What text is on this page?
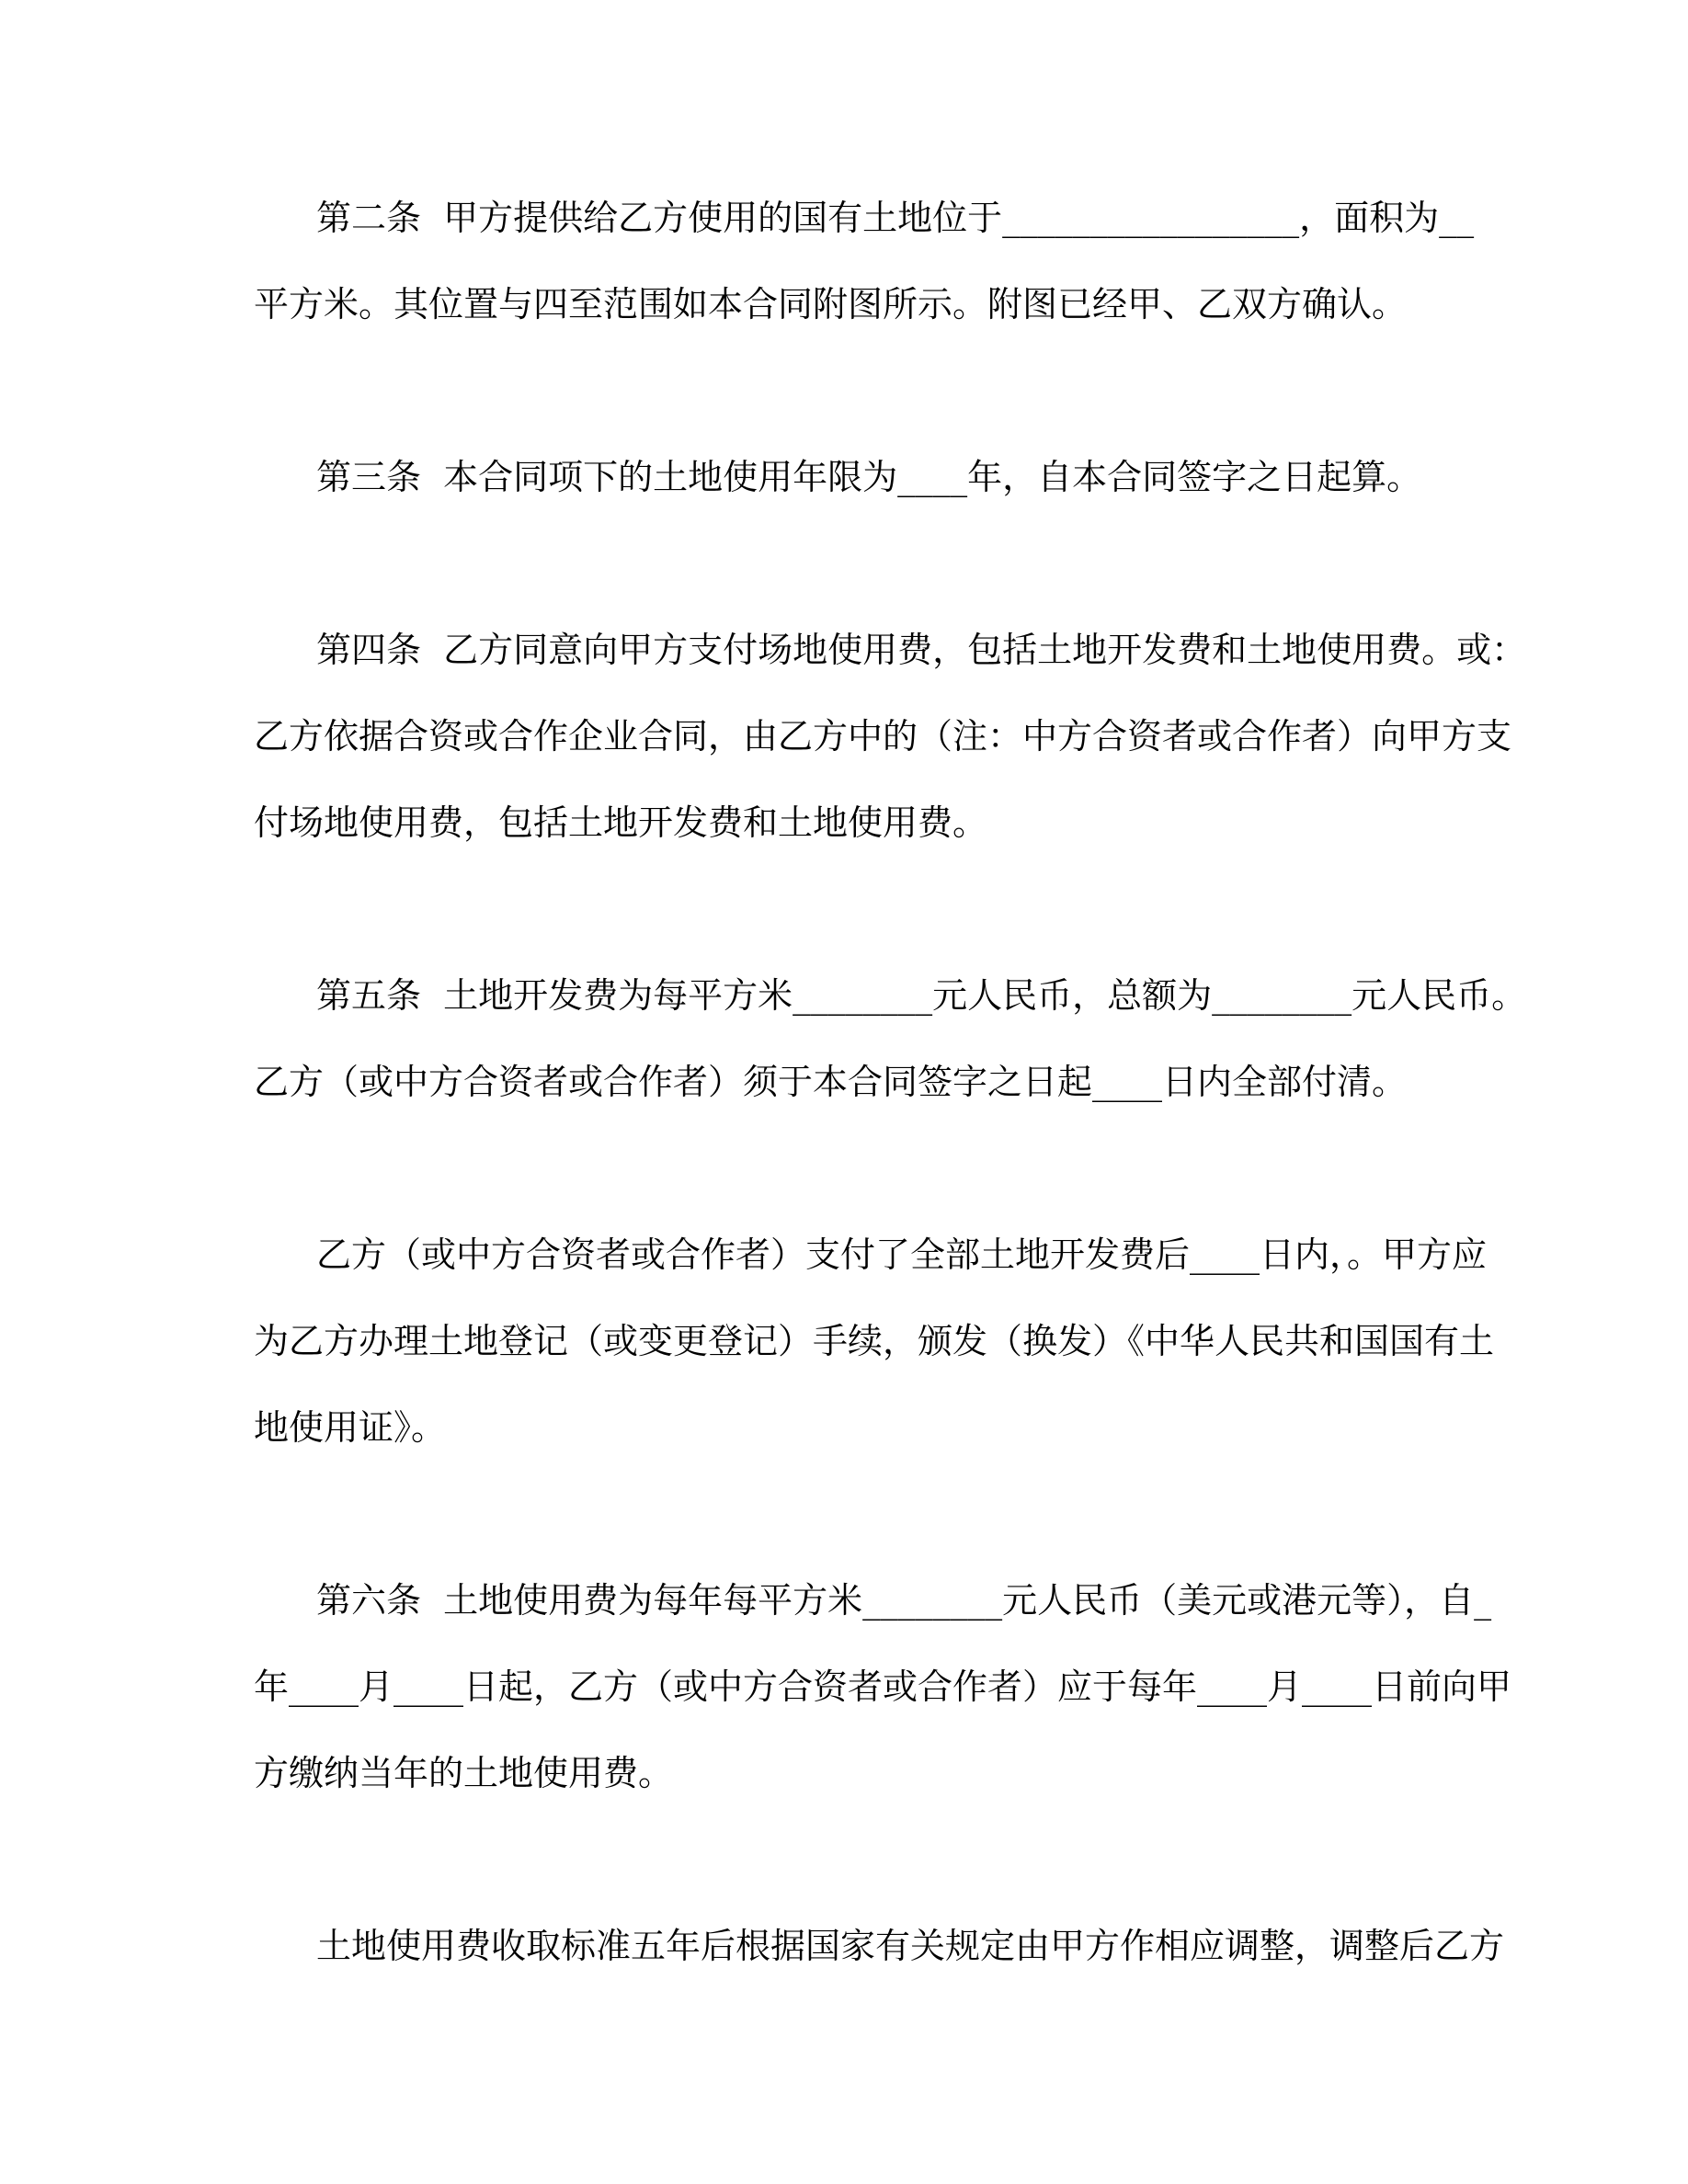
第二条  甲方提供给乙方使用的国有土地位于_________________，面积为__
平方米。其位置与四至范围如本合同附图所示。附图已经甲、乙双方确认。
第三条  本合同项下的土地使用年限为____年，自本合同签字之日起算。
第四条  乙方同意向甲方支付场地使用费，包括土地开发费和土地使用费。或：
乙方依据合资或合作企业合同，由乙方中的（注：中方合资者或合作者）向甲方支
付场地使用费，包括土地开发费和土地使用费。
第五条  土地开发费为每平方米________元人民币，总额为________元人民币。
乙方（或中方合资者或合作者）须于本合同签字之日起____日内全部付清。
乙方（或中方合资者或合作者）支付了全部土地开发费后____日内，。甲方应
为乙方办理土地登记（或变更登记）手续，颁发（换发）《中华人民共和国国有土
地使用证》。
第六条  土地使用费为每年每平方米________元人民币（美元或港元等），自_
年____月____日起，乙方（或中方合资者或合作者）应于每年____月____日前向甲
方缴纳当年的土地使用费。
土地使用费收取标准五年后根据国家有关规定由甲方作相应调整，调整后乙方
